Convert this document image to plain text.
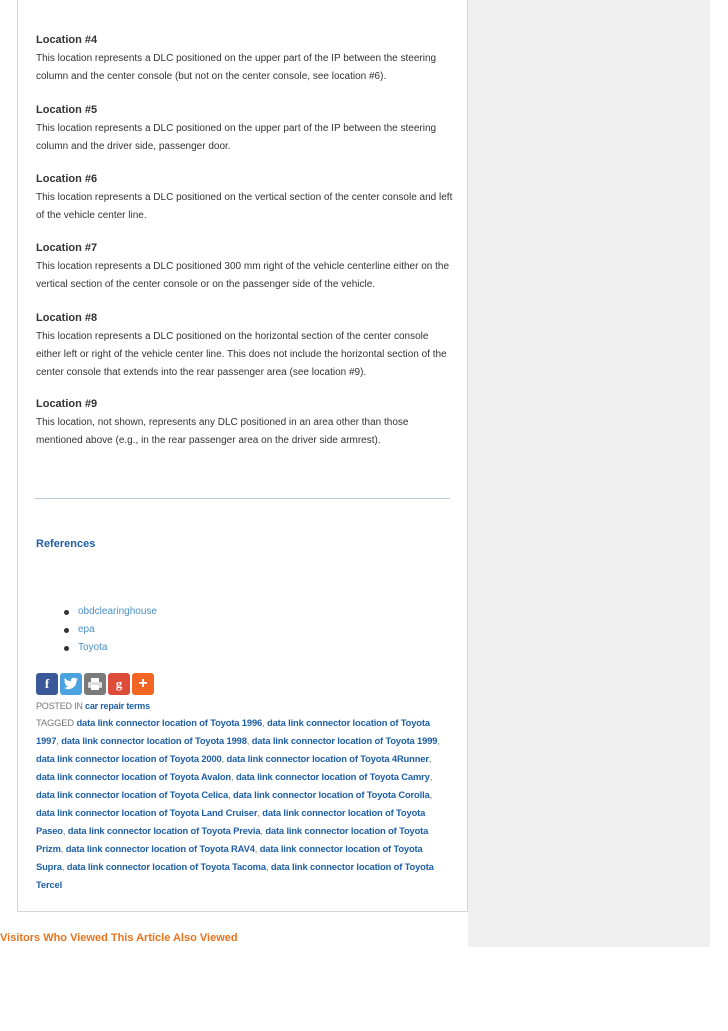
Location #4

This location represents a DLC positioned on the upper part of the IP between the steering column and the center console (but not on the center console, see location #6).

Location #5

This location represents a DLC positioned on the upper part of the IP between the steering column and the driver side, passenger door.

Location #6

This location represents a DLC positioned on the vertical section of the center console and left of the vehicle center line.

Location #7

This location represents a DLC positioned 300 mm right of the vehicle centerline either on the vertical section of the center console or on the passenger side of the vehicle.

Location #8

This location represents a DLC positioned on the horizontal section of the center console either left or right of the vehicle center line. This does not include the horizontal section of the center console that extends into the rear passenger area (see location #9).

Location #9

This location, not shown, represents any DLC positioned in an area other than those mentioned above (e.g., in the rear passenger area on the driver side armrest).

References
obdclearinghouse
epa
Toyota
f	g	+
POSTED IN car repair terms
TAGGED data link connector location of Toyota 1996, data link connector location of Toyota 1997, data link connector location of Toyota 1998, data link connector location of Toyota 1999, data link connector location of Toyota 2000, data link connector location of Toyota 4Runner, data link connector location of Toyota Avalon, data link connector location of Toyota Camry, data link connector location of Toyota Celica, data link connector location of Toyota Corolla, data link connector location of Toyota Land Cruiser, data link connector location of Toyota Paseo, data link connector location of Toyota Previa, data link connector location of Toyota Prizm, data link connector location of Toyota RAV4, data link connector location of Toyota Supra, data link connector location of Toyota Tacoma, data link connector location of Toyota Tercel
Visitors Who Viewed This Article Also Viewed
